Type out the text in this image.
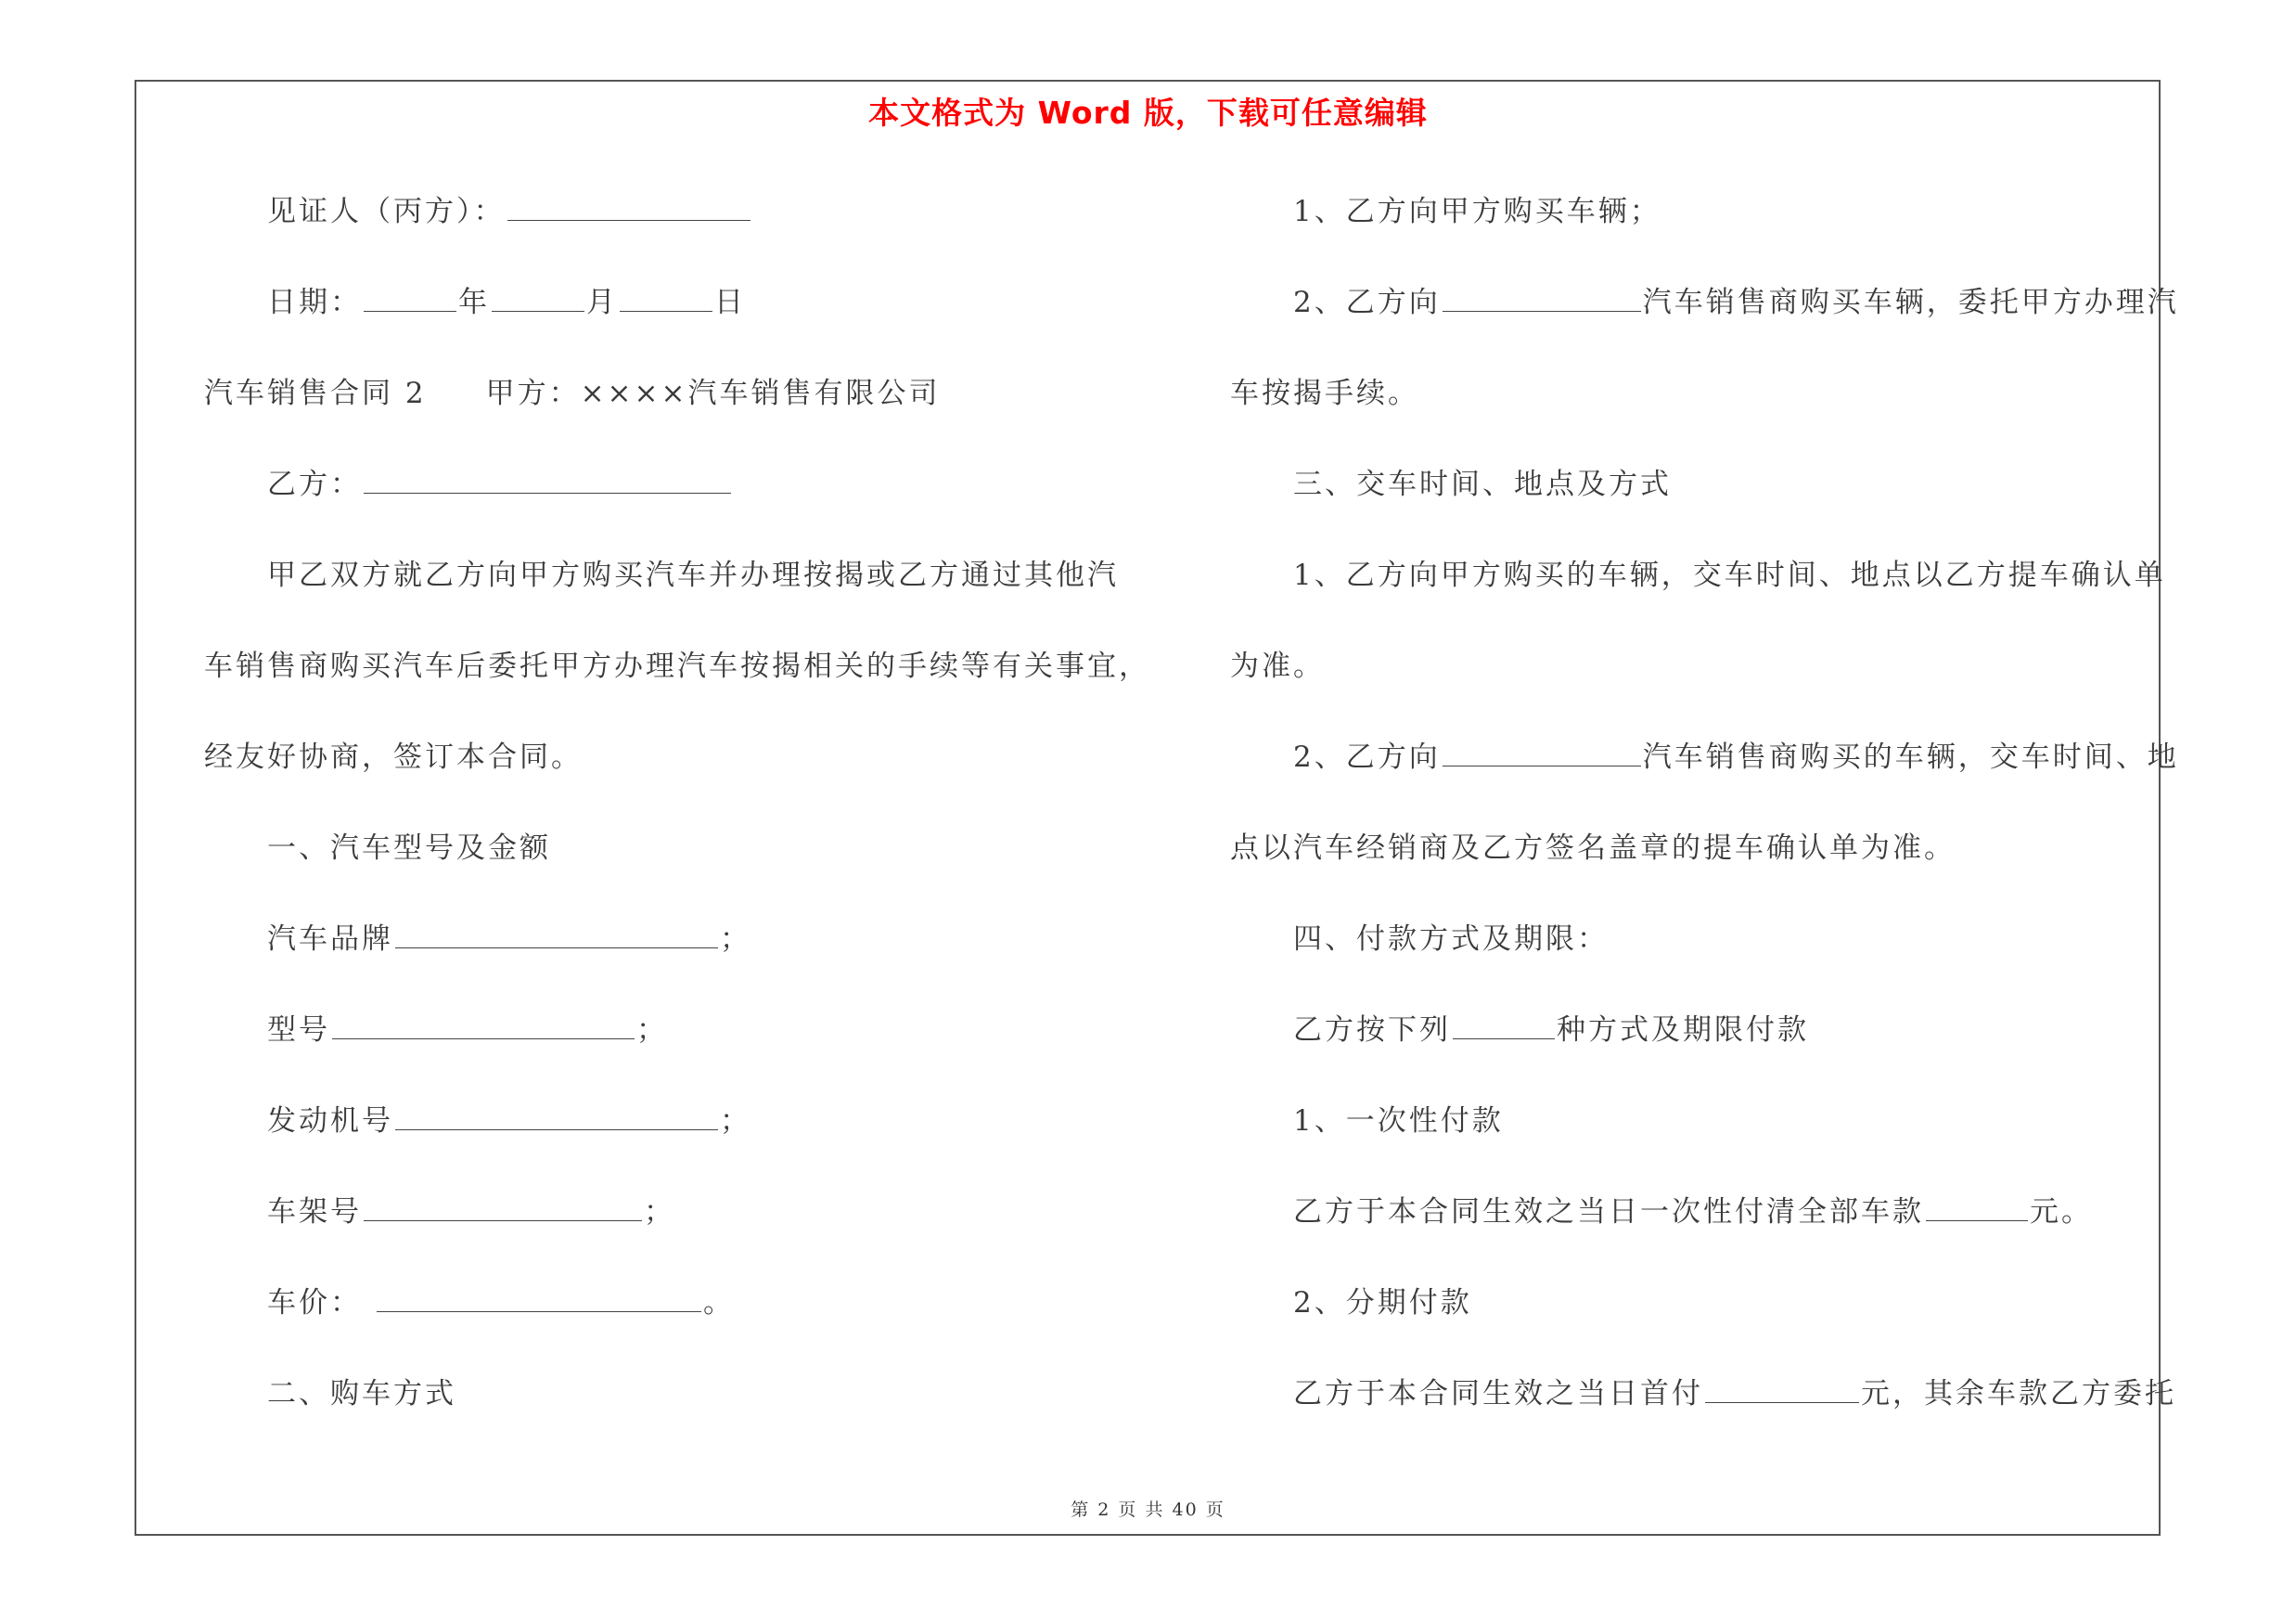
本文格式为 Word 版，下载可任意编辑
见证人（丙方）：
日期：	年	月	日
汽车销售合同 2 甲方：××××汽车销售有限公司
乙方：
甲乙双方就乙方向甲方购买汽车并办理按揭或乙方通过其他汽
车销售商购买汽车后委托甲方办理汽车按揭相关的手续等有关事宜，
经友好协商，签订本合同。
一、汽车型号及金额
汽车品牌	；
型号	；
发动机号	；
车架号	；
车价：	。
二、购车方式
1、乙方向甲方购买车辆；
2、乙方向	汽车销售商购买车辆，委托甲方办理汽
车按揭手续。
三、交车时间、地点及方式
1、乙方向甲方购买的车辆，交车时间、地点以乙方提车确认单
为准。
2、乙方向	汽车销售商购买的车辆，交车时间、地
点以汽车经销商及乙方签名盖章的提车确认单为准。
四、付款方式及期限：
乙方按下列	种方式及期限付款
1、一次性付款
乙方于本合同生效之当日一次性付清全部车款	元。
2、分期付款
乙方于本合同生效之当日首付	元，其余车款乙方委托
第 2 页 共 40 页
